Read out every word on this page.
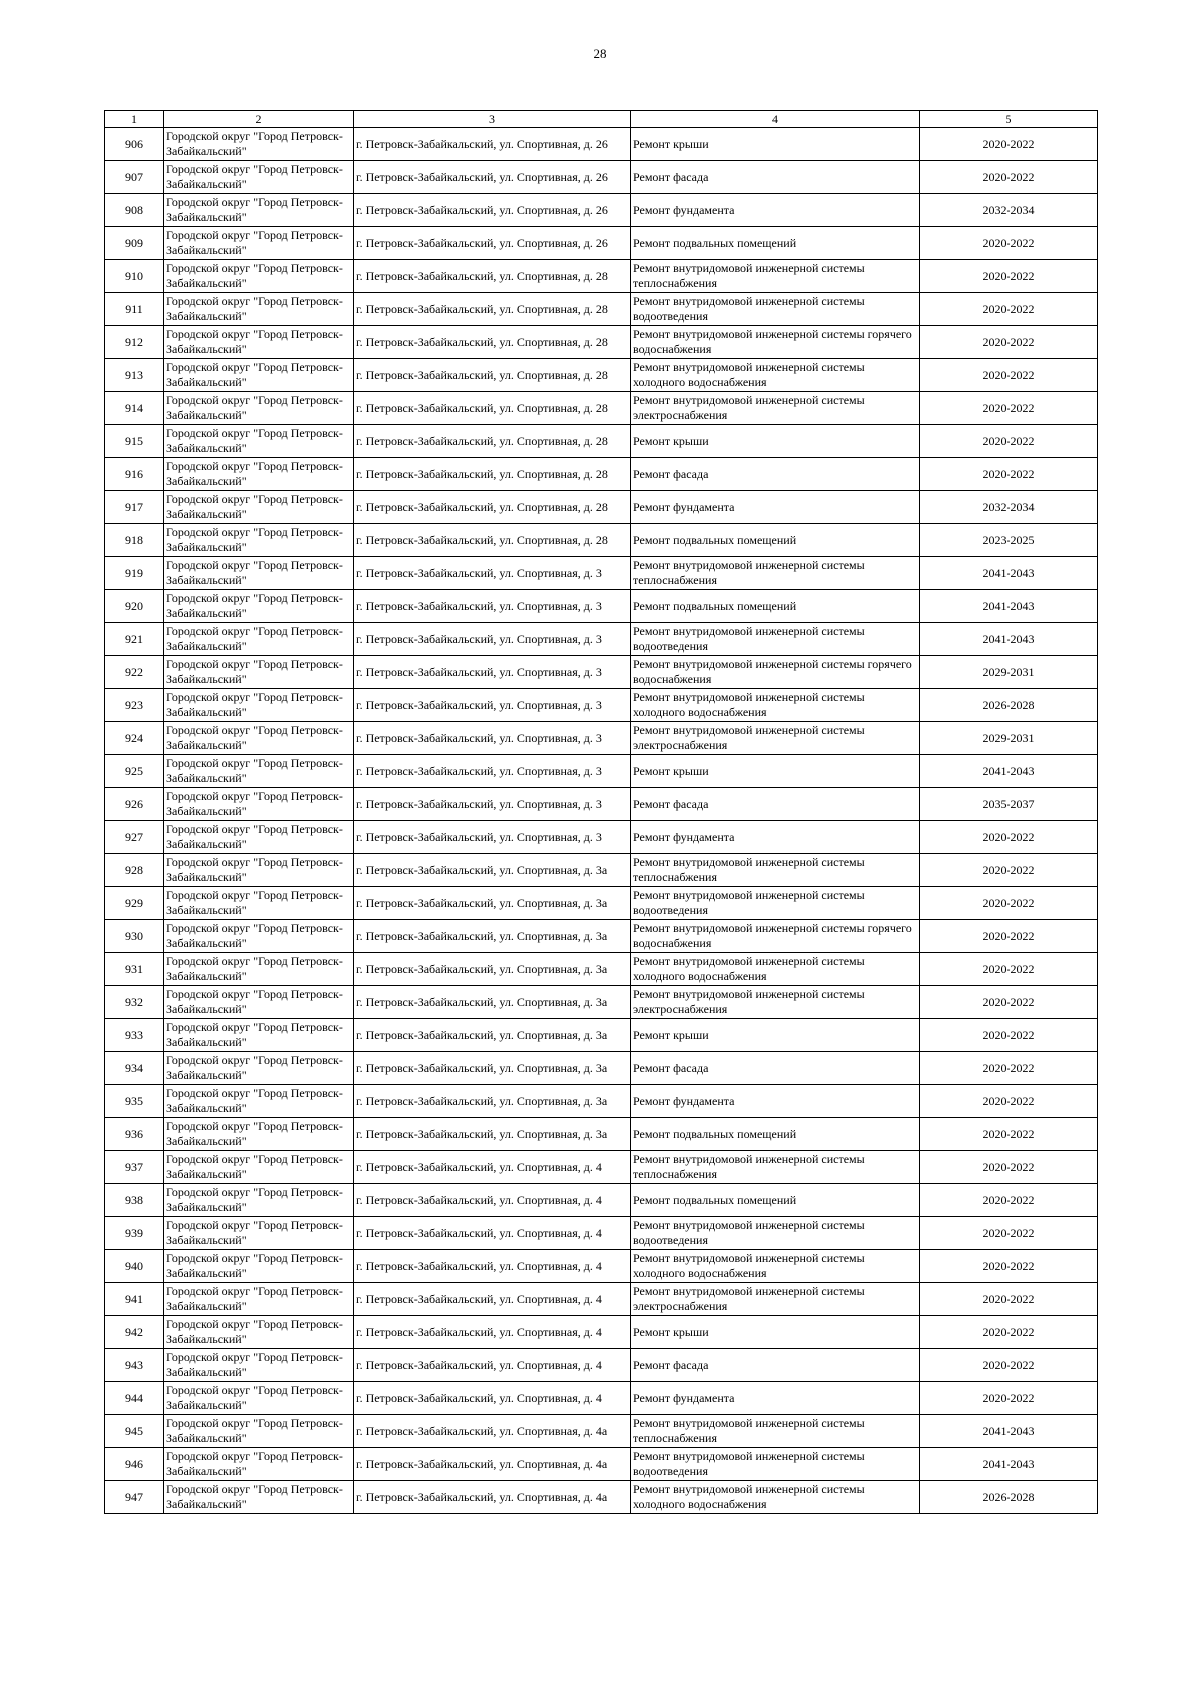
28
1	2	3	4	5
906	Городской округ "Город Петровск-Забайкальский"	г. Петровск-Забайкальский, ул. Спортивная, д. 26	Ремонт крыши	2020-2022
907	Городской округ "Город Петровск-Забайкальский"	г. Петровск-Забайкальский, ул. Спортивная, д. 26	Ремонт фасада	2020-2022
908	Городской округ "Город Петровск-Забайкальский"	г. Петровск-Забайкальский, ул. Спортивная, д. 26	Ремонт фундамента	2032-2034
909	Городской округ "Город Петровск-Забайкальский"	г. Петровск-Забайкальский, ул. Спортивная, д. 26	Ремонт подвальных помещений	2020-2022
910	Городской округ "Город Петровск-Забайкальский"	г. Петровск-Забайкальский, ул. Спортивная, д. 28	Ремонт внутридомовой инженерной системы теплоснабжения	2020-2022
911	Городской округ "Город Петровск-Забайкальский"	г. Петровск-Забайкальский, ул. Спортивная, д. 28	Ремонт внутридомовой инженерной системы водоотведения	2020-2022
912	Городской округ "Город Петровск-Забайкальский"	г. Петровск-Забайкальский, ул. Спортивная, д. 28	Ремонт внутридомовой инженерной системы горячего водоснабжения	2020-2022
913	Городской округ "Город Петровск-Забайкальский"	г. Петровск-Забайкальский, ул. Спортивная, д. 28	Ремонт внутридомовой инженерной системы холодного водоснабжения	2020-2022
914	Городской округ "Город Петровск-Забайкальский"	г. Петровск-Забайкальский, ул. Спортивная, д. 28	Ремонт внутридомовой инженерной системы электроснабжения	2020-2022
915	Городской округ "Город Петровск-Забайкальский"	г. Петровск-Забайкальский, ул. Спортивная, д. 28	Ремонт крыши	2020-2022
916	Городской округ "Город Петровск-Забайкальский"	г. Петровск-Забайкальский, ул. Спортивная, д. 28	Ремонт фасада	2020-2022
917	Городской округ "Город Петровск-Забайкальский"	г. Петровск-Забайкальский, ул. Спортивная, д. 28	Ремонт фундамента	2032-2034
918	Городской округ "Город Петровск-Забайкальский"	г. Петровск-Забайкальский, ул. Спортивная, д. 28	Ремонт подвальных помещений	2023-2025
919	Городской округ "Город Петровск-Забайкальский"	г. Петровск-Забайкальский, ул. Спортивная, д. 3	Ремонт внутридомовой инженерной системы теплоснабжения	2041-2043
920	Городской округ "Город Петровск-Забайкальский"	г. Петровск-Забайкальский, ул. Спортивная, д. 3	Ремонт подвальных помещений	2041-2043
921	Городской округ "Город Петровск-Забайкальский"	г. Петровск-Забайкальский, ул. Спортивная, д. 3	Ремонт внутридомовой инженерной системы водоотведения	2041-2043
922	Городской округ "Город Петровск-Забайкальский"	г. Петровск-Забайкальский, ул. Спортивная, д. 3	Ремонт внутридомовой инженерной системы горячего водоснабжения	2029-2031
923	Городской округ "Город Петровск-Забайкальский"	г. Петровск-Забайкальский, ул. Спортивная, д. 3	Ремонт внутридомовой инженерной системы холодного водоснабжения	2026-2028
924	Городской округ "Город Петровск-Забайкальский"	г. Петровск-Забайкальский, ул. Спортивная, д. 3	Ремонт внутридомовой инженерной системы электроснабжения	2029-2031
925	Городской округ "Город Петровск-Забайкальский"	г. Петровск-Забайкальский, ул. Спортивная, д. 3	Ремонт крыши	2041-2043
926	Городской округ "Город Петровск-Забайкальский"	г. Петровск-Забайкальский, ул. Спортивная, д. 3	Ремонт фасада	2035-2037
927	Городской округ "Город Петровск-Забайкальский"	г. Петровск-Забайкальский, ул. Спортивная, д. 3	Ремонт фундамента	2020-2022
928	Городской округ "Город Петровск-Забайкальский"	г. Петровск-Забайкальский, ул. Спортивная, д. 3а	Ремонт внутридомовой инженерной системы теплоснабжения	2020-2022
929	Городской округ "Город Петровск-Забайкальский"	г. Петровск-Забайкальский, ул. Спортивная, д. 3а	Ремонт внутридомовой инженерной системы водоотведения	2020-2022
930	Городской округ "Город Петровск-Забайкальский"	г. Петровск-Забайкальский, ул. Спортивная, д. 3а	Ремонт внутридомовой инженерной системы горячего водоснабжения	2020-2022
931	Городской округ "Город Петровск-Забайкальский"	г. Петровск-Забайкальский, ул. Спортивная, д. 3а	Ремонт внутридомовой инженерной системы холодного водоснабжения	2020-2022
932	Городской округ "Город Петровск-Забайкальский"	г. Петровск-Забайкальский, ул. Спортивная, д. 3а	Ремонт внутридомовой инженерной системы электроснабжения	2020-2022
933	Городской округ "Город Петровск-Забайкальский"	г. Петровск-Забайкальский, ул. Спортивная, д. 3а	Ремонт крыши	2020-2022
934	Городской округ "Город Петровск-Забайкальский"	г. Петровск-Забайкальский, ул. Спортивная, д. 3а	Ремонт фасада	2020-2022
935	Городской округ "Город Петровск-Забайкальский"	г. Петровск-Забайкальский, ул. Спортивная, д. 3а	Ремонт фундамента	2020-2022
936	Городской округ "Город Петровск-Забайкальский"	г. Петровск-Забайкальский, ул. Спортивная, д. 3а	Ремонт подвальных помещений	2020-2022
937	Городской округ "Город Петровск-Забайкальский"	г. Петровск-Забайкальский, ул. Спортивная, д. 4	Ремонт внутридомовой инженерной системы теплоснабжения	2020-2022
938	Городской округ "Город Петровск-Забайкальский"	г. Петровск-Забайкальский, ул. Спортивная, д. 4	Ремонт подвальных помещений	2020-2022
939	Городской округ "Город Петровск-Забайкальский"	г. Петровск-Забайкальский, ул. Спортивная, д. 4	Ремонт внутридомовой инженерной системы водоотведения	2020-2022
940	Городской округ "Город Петровск-Забайкальский"	г. Петровск-Забайкальский, ул. Спортивная, д. 4	Ремонт внутридомовой инженерной системы холодного водоснабжения	2020-2022
941	Городской округ "Город Петровск-Забайкальский"	г. Петровск-Забайкальский, ул. Спортивная, д. 4	Ремонт внутридомовой инженерной системы электроснабжения	2020-2022
942	Городской округ "Город Петровск-Забайкальский"	г. Петровск-Забайкальский, ул. Спортивная, д. 4	Ремонт крыши	2020-2022
943	Городской округ "Город Петровск-Забайкальский"	г. Петровск-Забайкальский, ул. Спортивная, д. 4	Ремонт фасада	2020-2022
944	Городской округ "Город Петровск-Забайкальский"	г. Петровск-Забайкальский, ул. Спортивная, д. 4	Ремонт фундамента	2020-2022
945	Городской округ "Город Петровск-Забайкальский"	г. Петровск-Забайкальский, ул. Спортивная, д. 4а	Ремонт внутридомовой инженерной системы теплоснабжения	2041-2043
946	Городской округ "Город Петровск-Забайкальский"	г. Петровск-Забайкальский, ул. Спортивная, д. 4а	Ремонт внутридомовой инженерной системы водоотведения	2041-2043
947	Городской округ "Город Петровск-Забайкальский"	г. Петровск-Забайкальский, ул. Спортивная, д. 4а	Ремонт внутридомовой инженерной системы холодного водоснабжения	2026-2028
